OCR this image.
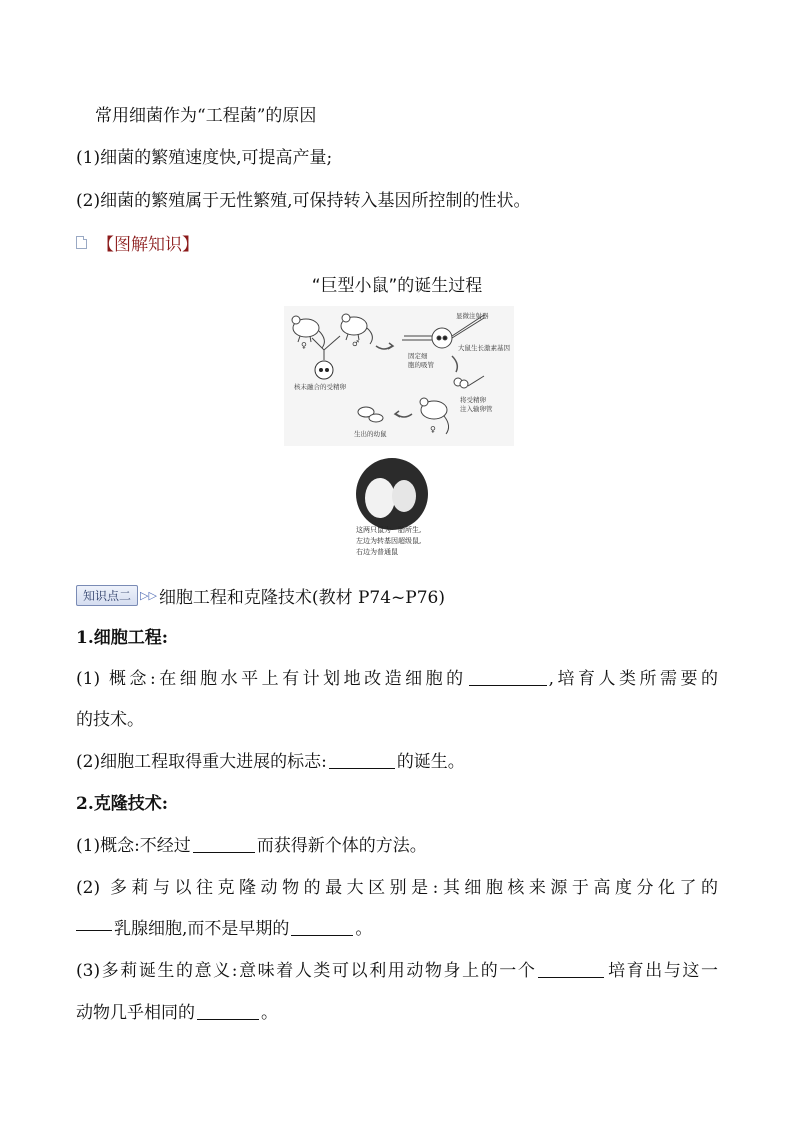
常用细菌作为“工程菌”的原因
(1)细菌的繁殖速度快,可提高产量;
(2)细菌的繁殖属于无性繁殖,可保持转入基因所控制的性状。
【图解知识】
“巨型小鼠”的诞生过程
♀	♂
核未融合的受精卵
显微注射器
大鼠生长激素基因
固定细
胞的吸管
将受精卵
注入输卵管
♀
生出的幼鼠
这两只鼠为一胎所生,
左边为转基因超级鼠,
右边为普通鼠
知识点二 ▷▷ 细胞工程和克隆技术(教材 P74~P76)
1.细胞工程:
(1) 概念:在细胞水平上有计划地改造细胞的	,培育人类所需要的
的技术。
(2)细胞工程取得重大进展的标志:	的诞生。
2.克隆技术:
(1)概念:不经过	而获得新个体的方法。
(2) 多莉与以往克隆动物的最大区别是:其细胞核来源于高度分化了的
乳腺细胞,而不是早期的	。
(3)多莉诞生的意义:意味着人类可以利用动物身上的一个	培育出与这一
动物几乎相同的	。
